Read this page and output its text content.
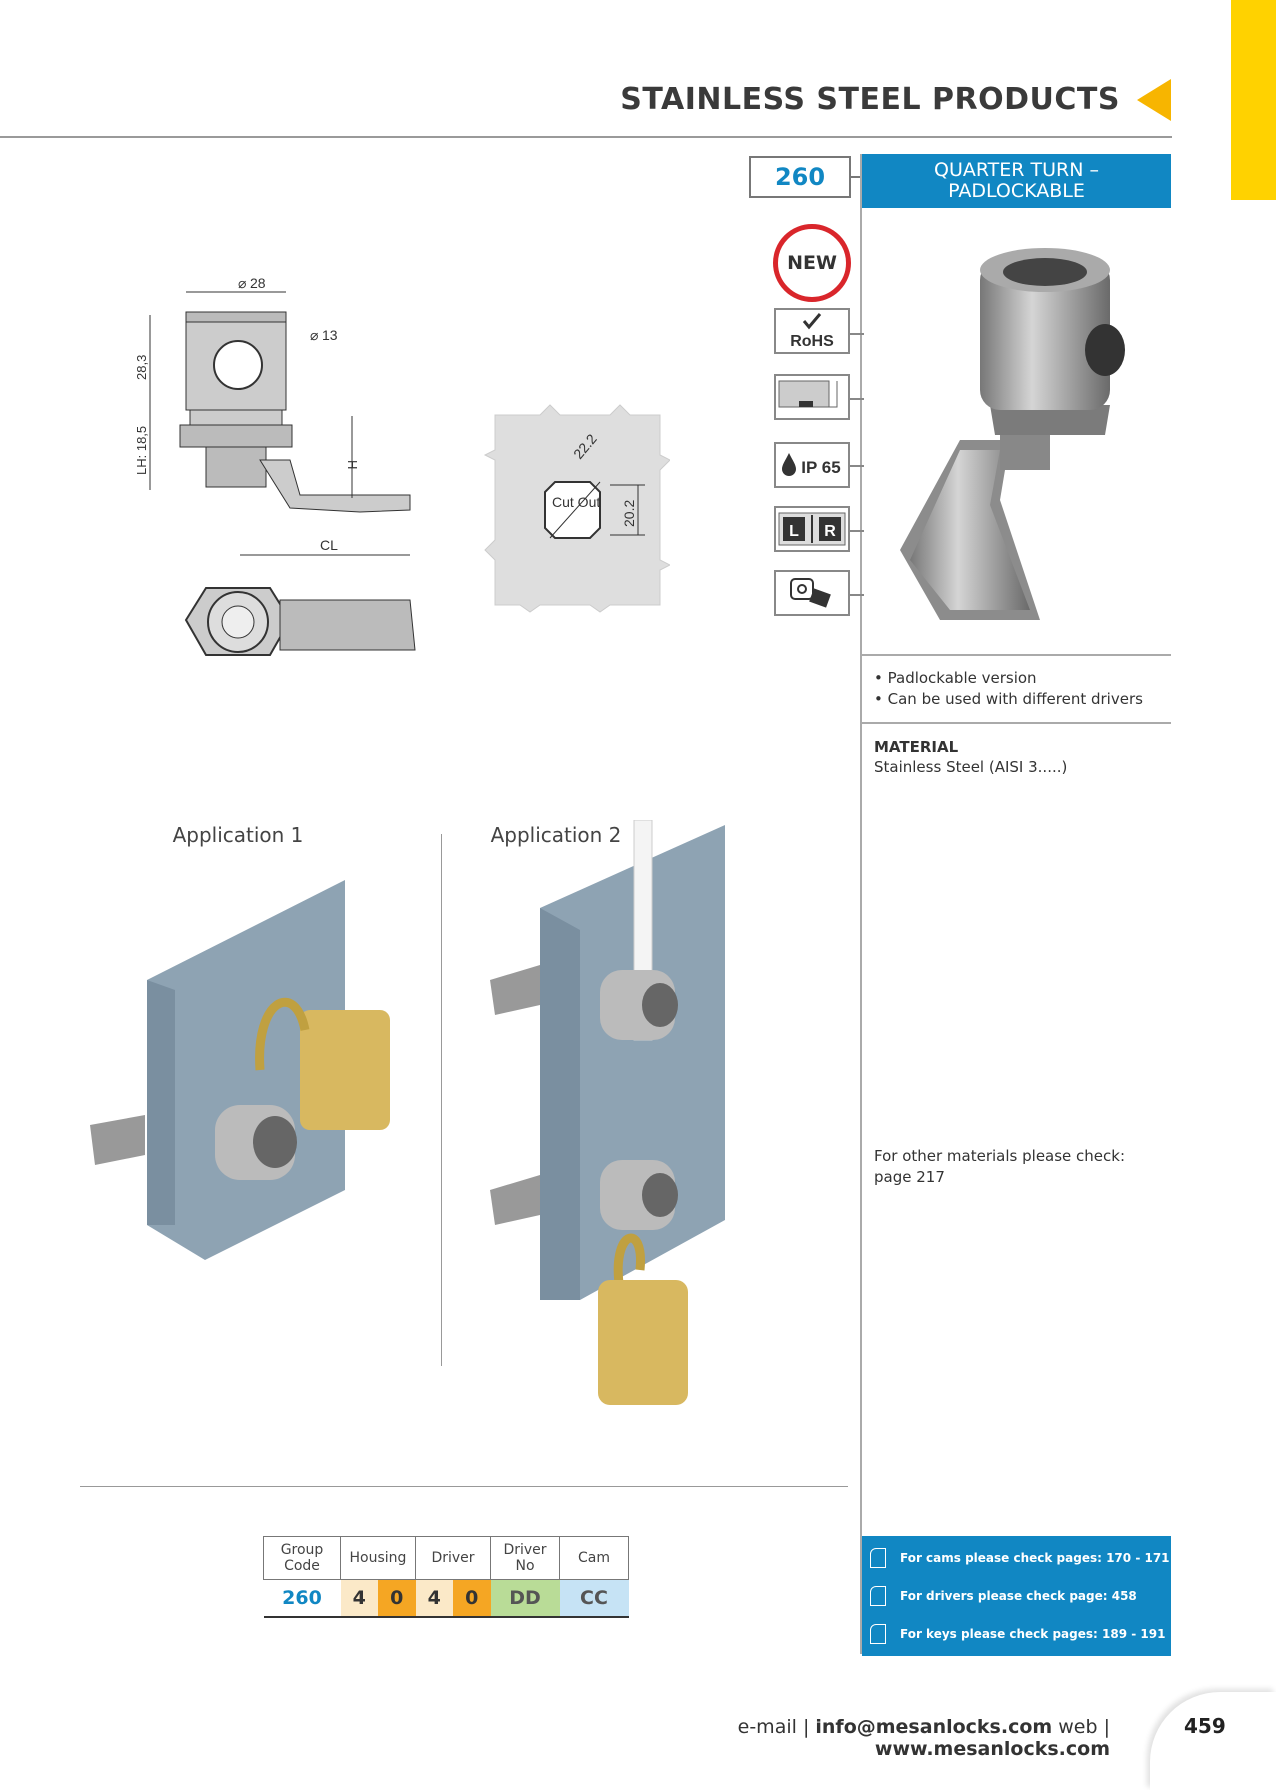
STAINLESS STEEL PRODUCTS
260	QUARTER TURN –
PADLOCKABLE
NEW
RoHS
IP 65
L R
• Padlockable version
• Can be used with different drivers
MATERIAL
Stainless Steel (AISI 3.....)
For other materials please check:
page 217
For cams please check pages: 170 - 171
For drivers please check page: 458
For keys please check pages: 189 - 191
⌀ 28
28,3
LH: 18,5
⌀ 13
H
CL
Cut Out
22.2
20.2
Application 1	Application 2
Group Code	Housing		Driver		Driver No	Cam
260	4	0	4	0	DD	CC
e-mail | info@mesanlocks.com web | www.mesanlocks.com
459
